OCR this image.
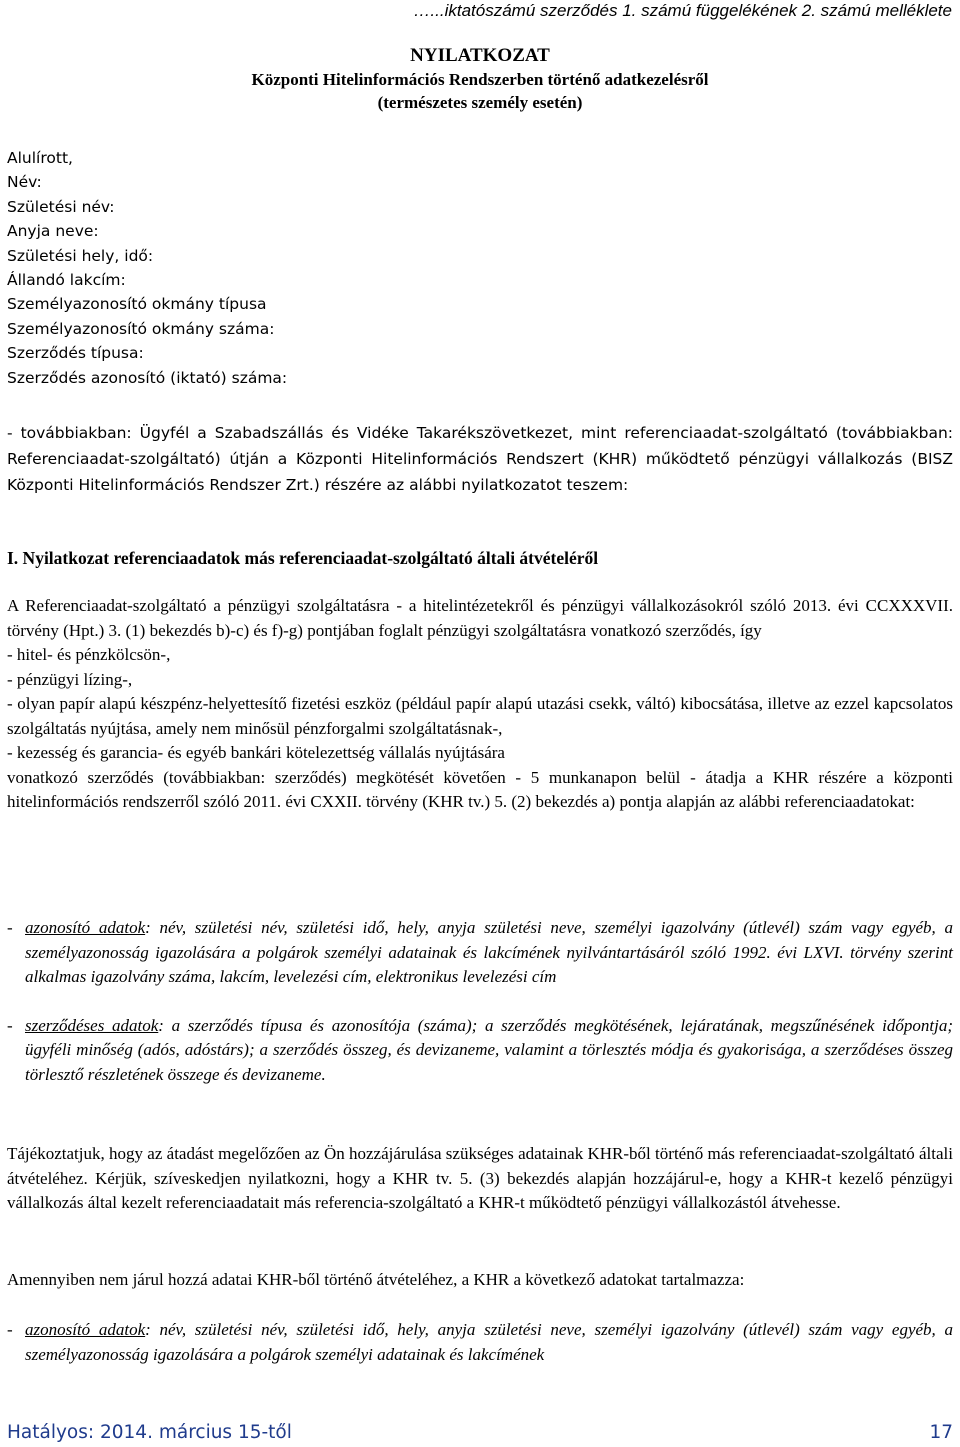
…...iktatószámú szerződés 1. számú függelékének 2. számú melléklete
NYILATKOZAT
Központi Hitelinformációs Rendszerben történő adatkezelésről
(természetes személy esetén)
Alulírott,
Név:
Születési név:
Anyja neve:
Születési hely, idő:
Állandó lakcím:
Személyazonosító okmány típusa
Személyazonosító okmány száma:
Szerződés típusa:
Szerződés azonosító (iktató) száma:

- továbbiakban: Ügyfél a Szabadszállás és Vidéke Takarékszövetkezet, mint referenciaadat-szolgáltató (továbbiakban: Referenciaadat-szolgáltató) útján a Központi Hitelinformációs Rendszert (KHR) működtető pénzügyi vállalkozás (BISZ Központi Hitelinformációs Rendszer Zrt.) részére az alábbi nyilatkozatot teszem:

I. Nyilatkozat referenciaadatok más referenciaadat-szolgáltató általi átvételéről

A Referenciaadat-szolgáltató a pénzügyi szolgáltatásra - a hitelintézetekről és pénzügyi vállalkozásokról szóló 2013. évi CCXXXVII. törvény (Hpt.) 3. (1) bekezdés b)-c) és f)-g) pontjában foglalt pénzügyi szolgáltatásra vonatkozó szerződés, így

- hitel- és pénzkölcsön-,

- pénzügyi lízing-,

- olyan papír alapú készpénz-helyettesítő fizetési eszköz (például papír alapú utazási csekk, váltó) kibocsátása, illetve az ezzel kapcsolatos szolgáltatás nyújtása, amely nem minősül pénzforgalmi szolgáltatásnak-,

- kezesség és garancia- és egyéb bankári kötelezettség vállalás nyújtására

vonatkozó szerződés (továbbiakban: szerződés) megkötését követően - 5 munkanapon belül - átadja a KHR részére a központi hitelinformációs rendszerről szóló 2011. évi CXXII. törvény (KHR tv.) 5. (2) bekezdés a) pontja alapján az alábbi referenciaadatokat:

- azonosító adatok: név, születési név, születési idő, hely, anyja születési neve, személyi igazolvány (útlevél) szám vagy egyéb, a személyazonosság igazolására a polgárok személyi adatainak és lakcímének nyilvántartásáról szóló 1992. évi LXVI. törvény szerint alkalmas igazolvány száma, lakcím, levelezési cím, elektronikus levelezési cím
- szerződéses adatok: a szerződés típusa és azonosítója (száma); a szerződés megkötésének, lejáratának, megszűnésének időpontja; ügyféli minőség (adós, adóstárs); a szerződés összeg, és devizaneme, valamint a törlesztés módja és gyakorisága, a szerződéses összeg törlesztő részletének összege és devizaneme.

Tájékoztatjuk, hogy az átadást megelőzően az Ön hozzájárulása szükséges adatainak KHR-ből történő más referenciaadat-szolgáltató általi átvételéhez. Kérjük, szíveskedjen nyilatkozni, hogy a KHR tv. 5. (3) bekezdés alapján hozzájárul-e, hogy a KHR-t kezelő pénzügyi vállalkozás által kezelt referenciaadatait más referencia-szolgáltató a KHR-t működtető pénzügyi vállalkozástól átvehesse.

Amennyiben nem járul hozzá adatai KHR-ből történő átvételéhez, a KHR a következő adatokat tartalmazza:

- azonosító adatok: név, születési név, születési idő, hely, anyja születési neve, személyi igazolvány (útlevél) szám vagy egyéb, a személyazonosság igazolására a polgárok személyi adatainak és lakcímének
Hatályos: 2014. március 15-től	17
